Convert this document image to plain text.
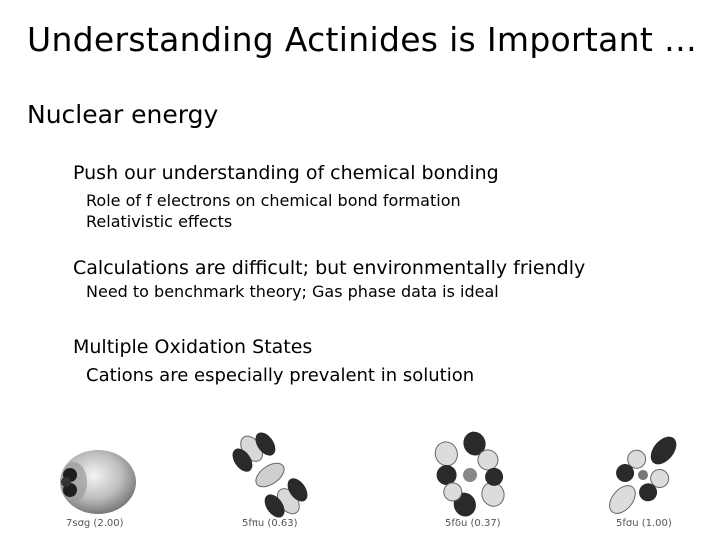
Understanding Actinides is Important …
Nuclear energy
Push our understanding of chemical bonding
Role of f electrons on chemical bond formation
Relativistic effects
Calculations are difficult; but environmentally friendly
Need to benchmark theory; Gas phase data is ideal
Multiple Oxidation States
Cations are especially prevalent in solution
7sσg (2.00)	5fπu (0.63)	5fδu (0.37)	5fσu (1.00)
